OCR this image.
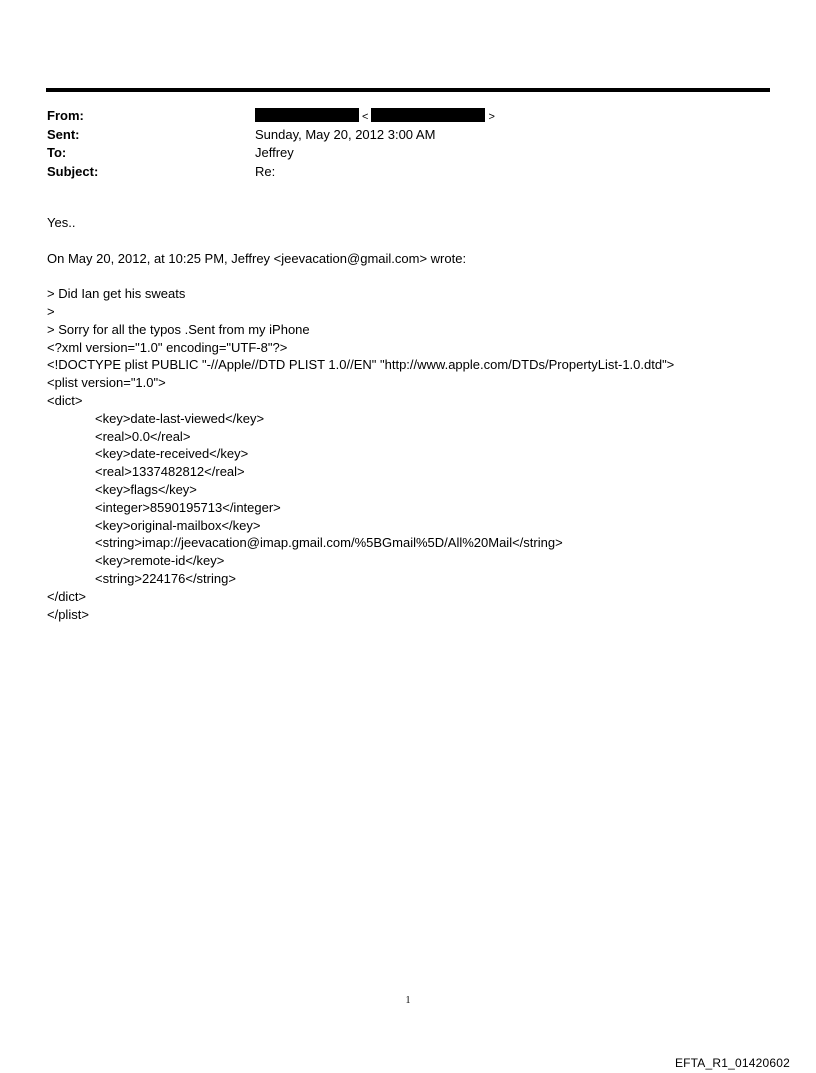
From:	<	>
Sent:	Sunday, May 20, 2012 3:00 AM
To:	Jeffrey
Subject:	Re:
Yes..
On May 20, 2012, at 10:25 PM, Jeffrey <jeevacation@gmail.com> wrote:
> Did Ian get his sweats
>
> Sorry for all the typos .Sent from my iPhone
<?xml version="1.0" encoding="UTF-8"?>
<!DOCTYPE plist PUBLIC "-//Apple//DTD PLIST 1.0//EN" "http://www.apple.com/DTDs/PropertyList-1.0.dtd">
<plist version="1.0">
<dict>
<key>date-last-viewed</key>
<real>0.0</real>
<key>date-received</key>
<real>1337482812</real>
<key>flags</key>
<integer>8590195713</integer>
<key>original-mailbox</key>
<string>imap://jeevacation@imap.gmail.com/%5BGmail%5D/All%20Mail</string>
<key>remote-id</key>
<string>224176</string>
</dict>
</plist>
1
EFTA_R1_01420602
